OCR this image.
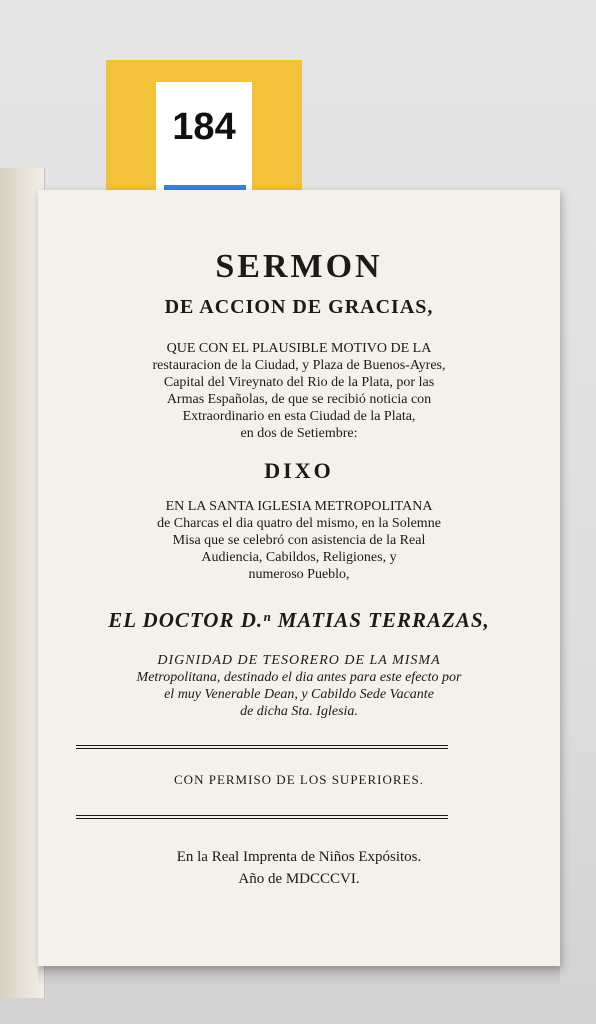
184
SERMON
DE ACCION DE GRACIAS,
QUE CON EL PLAUSIBLE MOTIVO DE LA
restauracion de la Ciudad, y Plaza de Buenos-Ayres,
Capital del Vireynato del Rio de la Plata, por las
Armas Españolas, de que se recibió noticia con
Extraordinario en esta Ciudad de la Plata,
en dos de Setiembre:
DIXO
EN LA SANTA IGLESIA METROPOLITANA
de Charcas el dia quatro del mismo, en la Solemne
Misa que se celebró con asistencia de la Real
Audiencia, Cabildos, Religiones, y
numeroso Pueblo,
EL DOCTOR D.ⁿ MATIAS TERRAZAS,
DIGNIDAD DE TESORERO DE LA MISMA
Metropolitana, destinado el dia antes para este efecto por
el muy Venerable Dean, y Cabildo Sede Vacante
de dicha Sta. Iglesia.
CON PERMISO DE LOS SUPERIORES.
En la Real Imprenta de Niños Expósitos.
Año de MDCCCVI.
